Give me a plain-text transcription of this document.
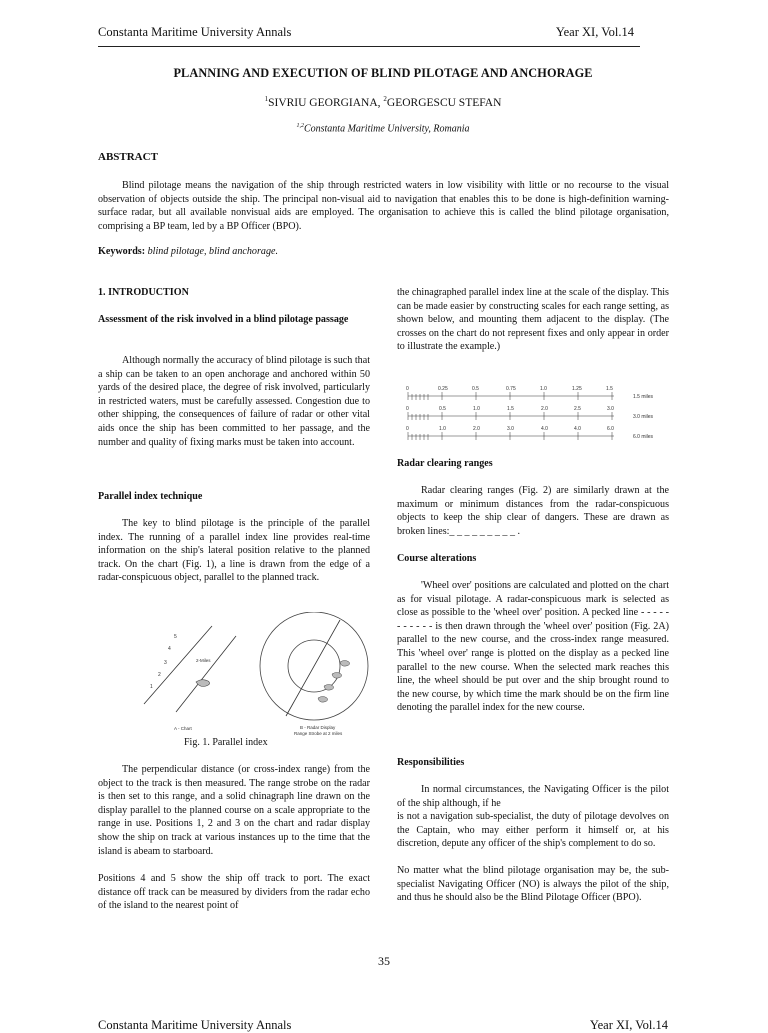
Constanta Maritime University Annals	Year XI, Vol.14
PLANNING AND EXECUTION OF BLIND PILOTAGE AND ANCHORAGE
$^1$SIVRIU GEORGIANA, $^2$GEORGESCU STEFAN
$^{1,2}$Constanta Maritime University, Romania
ABSTRACT
Blind pilotage means the navigation of the ship through restricted waters in low visibility with little or no recourse to the visual observation of objects outside the ship. The principal non-visual aid to navigation that enables this to be done is high-definition warning-surface radar, but all available nonvisual aids are employed. The organisation to achieve this is called the blind pilotage organisation, comprising a BP team, led by a BP Officer (BPO).
Keywords: blind pilotage, blind anchorage.
1. INTRODUCTION
Assessment of the risk involved in a blind pilotage passage
Although normally the accuracy of blind pilotage is such that a ship can be taken to an open anchorage and anchored within 50 yards of the desired place, the degree of risk involved, particularly in restricted waters, must be carefully assessed. Congestion due to other shipping, the consequences of failure of radar or other vital aids once the ship has been committed to her passage, and the number and quality of fixing marks must be taken into account.
Parallel index technique
The key to blind pilotage is the principle of the parallel index. The running of a parallel index line provides real-time information on the ship's lateral position relative to the planned track. On the chart (Fig. 1), a line is drawn from the edge of a radar-conspicuous object, parallel to the planned track.
5
4
3
2
1
2-Miles
A - Chart	B - Radar Display
Range Strobe at 2 miles
Fig. 1. Parallel index
The perpendicular distance (or cross-index range) from the object to the track is then measured. The range strobe on the radar is then set to this range, and a solid chinagraph line drawn on the display parallel to the planned course on a scale appropriate to the range in use. Positions 1, 2 and 3 on the chart and radar display show the ship on track at various instances up to the time that the island is abeam to starboard.
Positions 4 and 5 show the ship off track to port. The exact distance off track can be measured by dividers from the radar echo of the island to the nearest point of
the chinagraphed parallel index line at the scale of the display. This can be made easier by constructing scales for each range setting, as shown below, and mounting them adjacent to the display. (The crosses on the chart do not represent fixes and only appear in order to illustrate the example.)
0	0.25	0.5	0.75	1.0	1.25	1.5
1.5 miles
0	0.5	1.0	1.5	2.0	2.5	3.0
3.0 miles
0	1.0	2.0	3.0	4.0	4.0	6.0
6.0 miles
Radar clearing ranges
Radar clearing ranges (Fig. 2) are similarly drawn at the maximum or minimum distances from the radar-conspicuous objects to keep the ship clear of dangers. These are drawn as broken lines:_ _ _ _ _ _ _ _ _ .
Course alterations
'Wheel over' positions are calculated and plotted on the chart as for visual pilotage. A radar-conspicuous mark is selected as close as possible to the 'wheel over' position. A pecked line - - - - - - - - - - - is then drawn through the 'wheel over' position (Fig. 2A) parallel to the new course, and the cross-index range measured. This 'wheel over' range is plotted on the display as a pecked line parallel to the new course. When the selected mark reaches this line, the wheel should be put over and the ship brought round to the new course, by which time the mark should be on the firm line denoting the parallel index for the new course.
Responsibilities
In normal circumstances, the Navigating Officer is the pilot of the ship although, if he
is not a navigation sub-specialist, the duty of pilotage devolves on the Captain, who may either perform it himself or, at his discretion, depute any officer of the ship's complement to do so.
No matter what the blind pilotage organisation may be, the sub-specialist Navigating Officer (NO) is always the pilot of the ship, and thus he should also be the Blind Pilotage Officer (BPO).
35
Constanta Maritime University Annals	Year XI, Vol.14
